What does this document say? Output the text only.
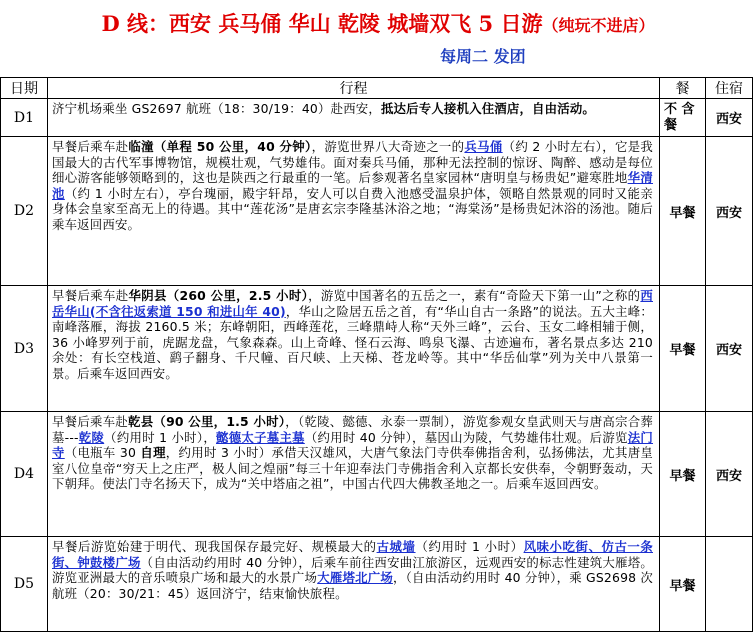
D 线：西安 兵马俑 华山 乾陵 城墙双飞 5 日游（纯玩不进店）
每周二 发团
日期	行程	餐	住宿
D1	济宁机场乘坐 GS2697 航班（18：30/19：40）赴西安，抵达后专人接机入住酒店，自由活动。	不 含 餐	西安
D2	早餐后乘车赴临潼（单程 50 公里，40 分钟），游览世界八大奇迹之一的兵马俑（约 2 小时左右），它是我国最大的古代军事博物馆，规模壮观，气势雄伟。面对秦兵马俑，那种无法控制的惊讶、陶醉、感动是每位细心游客能够领略到的，这也是陕西之行最重的一笔。后参观著名皇家园林“唐明皇与杨贵妃”避寒胜地华清池（约 1 小时左右），亭台瑰丽，殿宇轩昂，安人可以自费入池感受温泉护体，领略自然景观的同时又能亲身体会皇家至高无上的待遇。其中“莲花汤”是唐玄宗李隆基沐浴之地；“海棠汤”是杨贵妃沐浴的汤池。随后乘车返回西安。	早餐	西安
D3	早餐后乘车赴华阴县（260 公里，2.5 小时），游览中国著名的五岳之一，素有“奇险天下第一山”之称的西岳华山(不含往返索道 150 和进山年 40)，华山之险居五岳之首，有“华山自古一条路”的说法。五大主峰：南峰落雁，海拔 2160.5 米；东峰朝阳，西峰莲花，三峰鼎峙人称“天外三峰”，云台、玉女二峰相辅于侧，36 小峰罗列于前，虎踞龙盘，气象森森。山上奇峰、怪石云海、鸣泉飞瀑、古迹遍布，著名景点多达 210 余处：有长空栈道、鹞子翻身、千尺幢、百尺峡、上天梯、苍龙岭等。其中“华岳仙掌”列为关中八景第一景。后乘车返回西安。	早餐	西安
D4	早餐后乘车赴乾县（90 公里，1.5 小时），（乾陵、懿德、永泰一票制），游览参观女皇武则天与唐高宗合葬墓---乾陵（约用时 1 小时），懿德太子墓主墓（约用时 40 分钟），墓因山为陵，气势雄伟壮观。后游览法门寺（电瓶车 30 自理，约用时 3 小时）承借天汉雄风，大唐气象法门寺供奉佛指舍利，弘扬佛法，尤其唐皇室八位皇帝“穷天上之庄严，极人间之煌丽”每三十年迎奉法门寺佛指舍利入京都长安供奉，令朝野轰动，天下朝拜。使法门寺名扬天下，成为“关中塔庙之祖”，中国古代四大佛教圣地之一。后乘车返回西安。	早餐	西安
D5	早餐后游览始建于明代、现我国保存最完好、规模最大的古城墙（约用时 1 小时）风味小吃街、仿古一条街、钟鼓楼广场（自由活动约用时 40 分钟），后乘车前往西安曲江旅游区，远观西安的标志性建筑大雁塔。游览亚洲最大的音乐喷泉广场和最大的水景广场大雁塔北广场，（自由活动约用时 40 分钟），乘 GS2698 次航班（20：30/21：45）返回济宁，结束愉快旅程。	早餐	
